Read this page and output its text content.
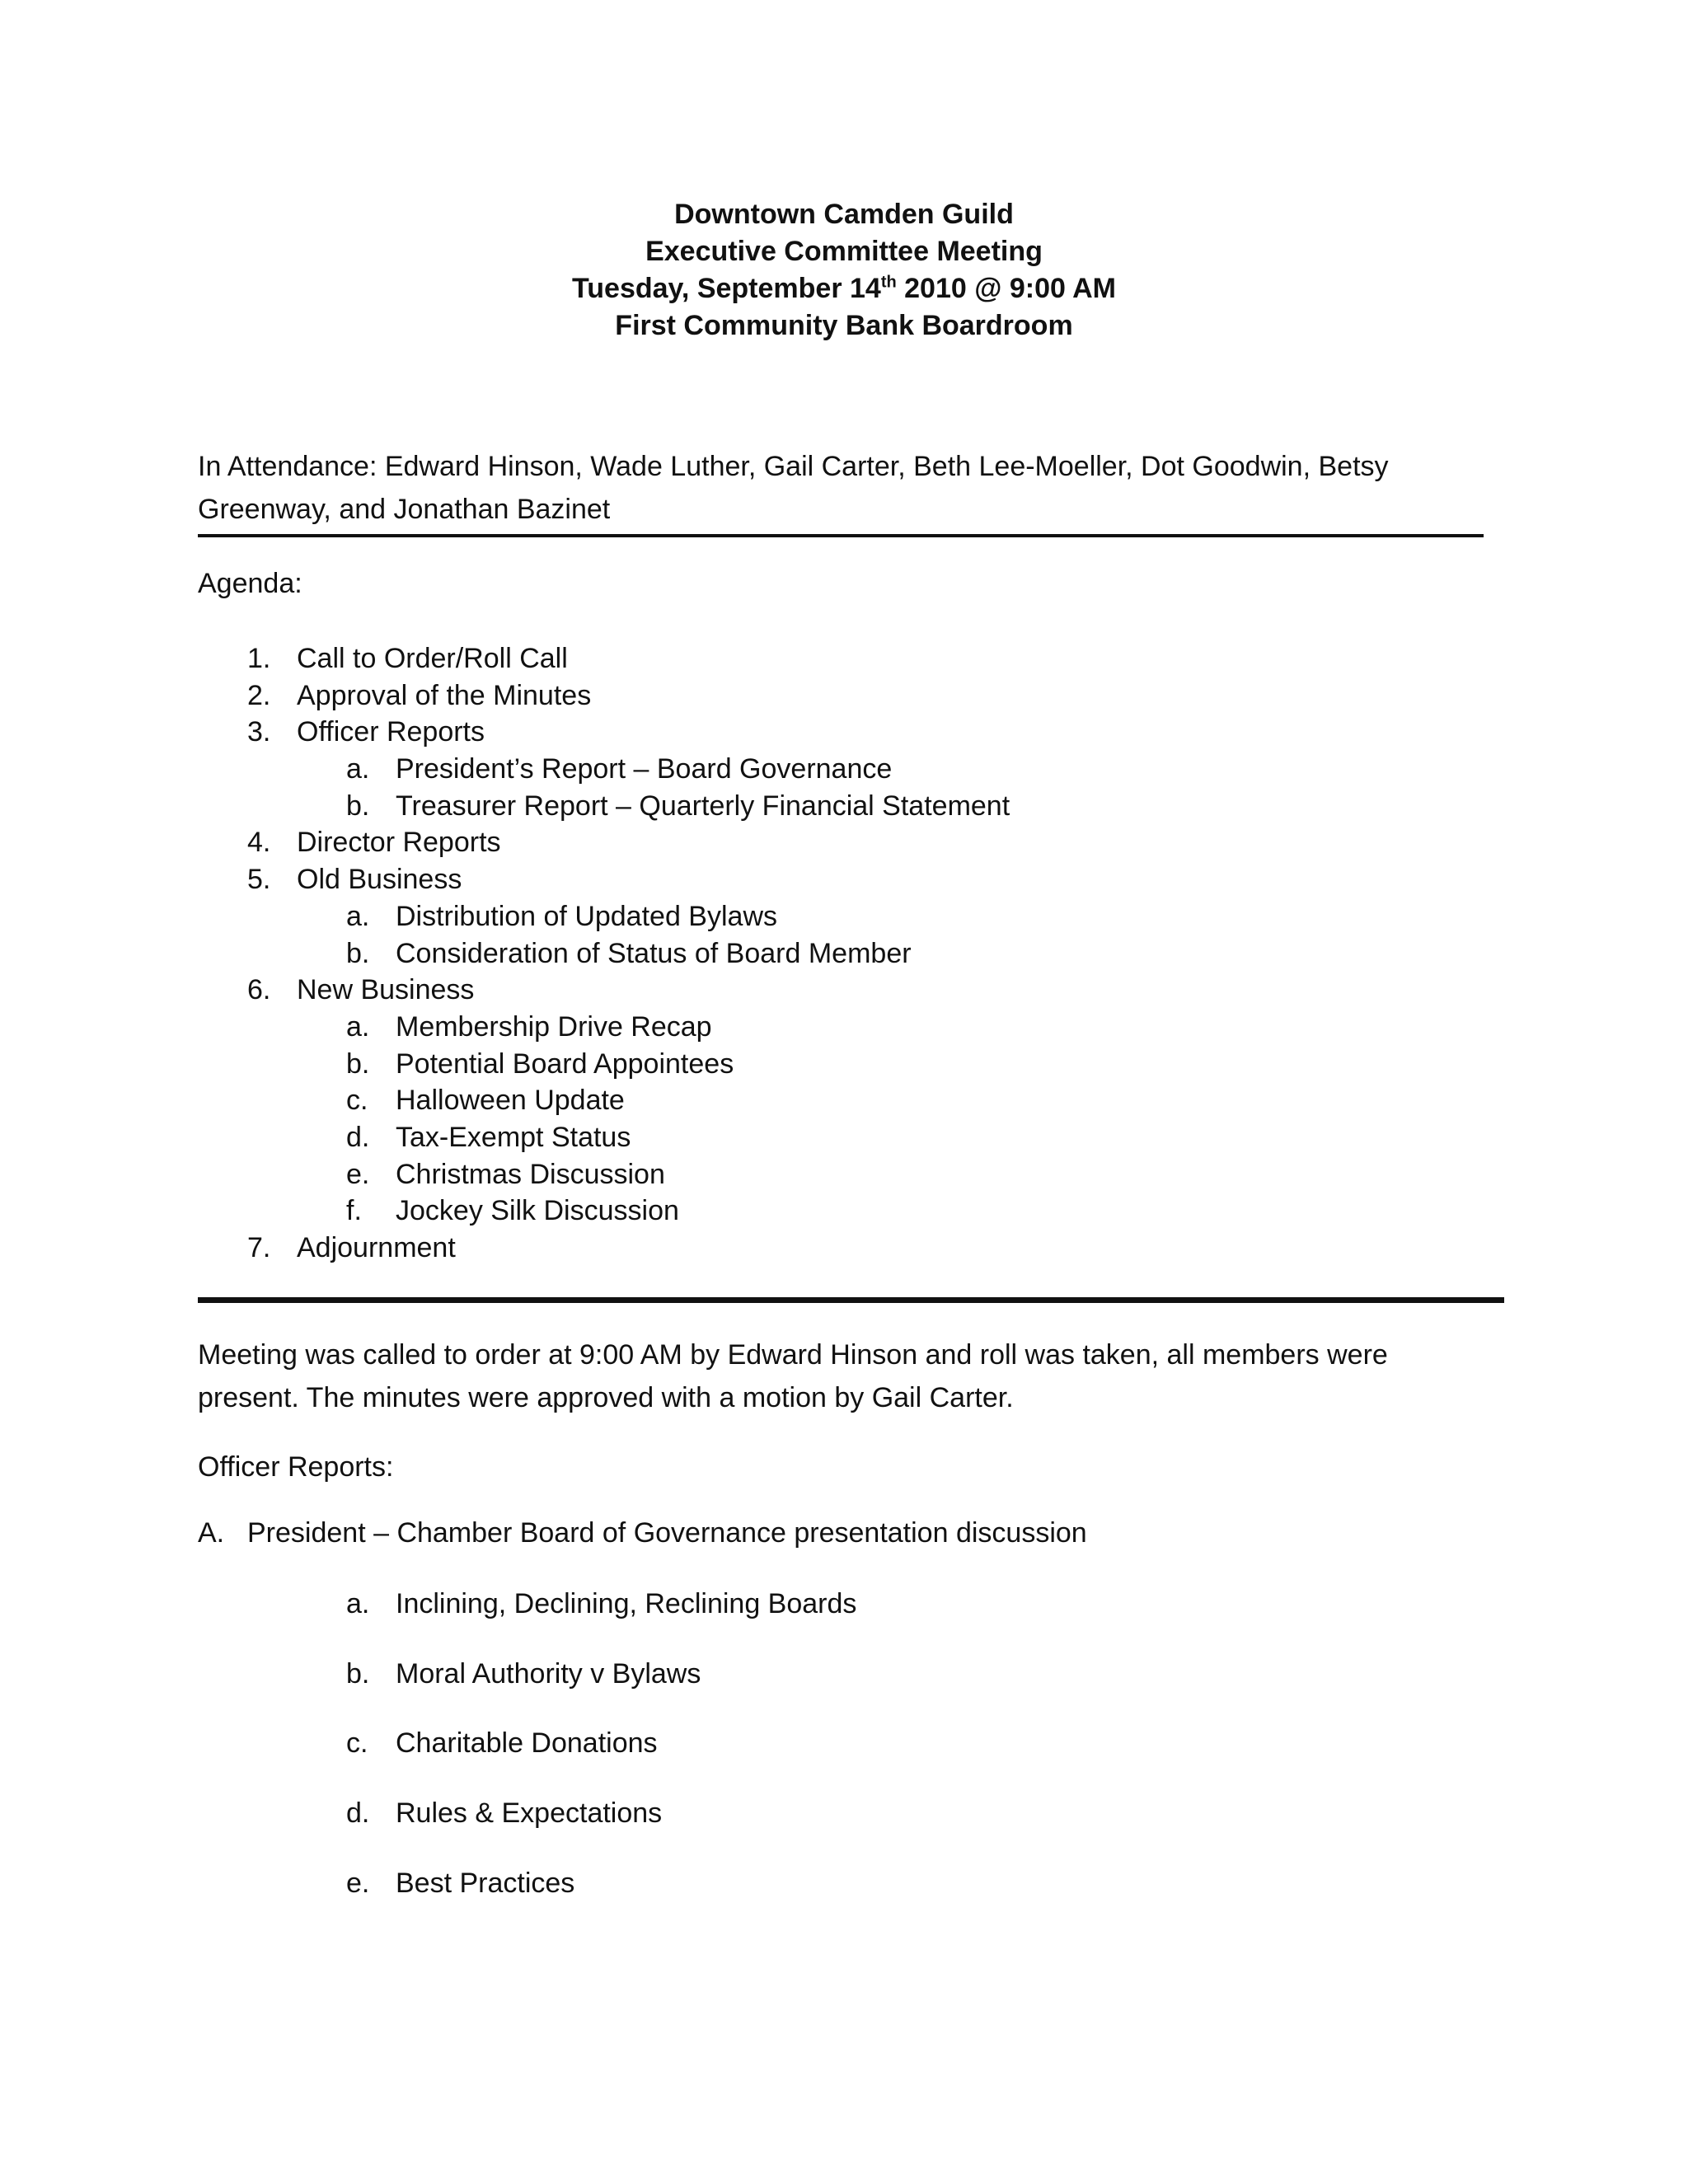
Downtown Camden Guild
Executive Committee Meeting
Tuesday, September 14th 2010 @ 9:00 AM
First Community Bank Boardroom
In Attendance: Edward Hinson, Wade Luther, Gail Carter, Beth Lee-Moeller, Dot Goodwin, Betsy
Greenway, and Jonathan Bazinet
Agenda:
1. Call to Order/Roll Call
2. Approval of the Minutes
3. Officer Reports
a. President’s Report – Board Governance
b. Treasurer Report – Quarterly Financial Statement
4. Director Reports
5. Old Business
a. Distribution of Updated Bylaws
b. Consideration of Status of Board Member
6. New Business
a. Membership Drive Recap
b. Potential Board Appointees
c. Halloween Update
d. Tax-Exempt Status
e. Christmas Discussion
f. Jockey Silk Discussion
7. Adjournment
Meeting was called to order at 9:00 AM by Edward Hinson and roll was taken, all members were
present. The minutes were approved with a motion by Gail Carter.
Officer Reports:
A. President – Chamber Board of Governance presentation discussion
a. Inclining, Declining, Reclining Boards
b. Moral Authority v Bylaws
c. Charitable Donations
d. Rules & Expectations
e. Best Practices
